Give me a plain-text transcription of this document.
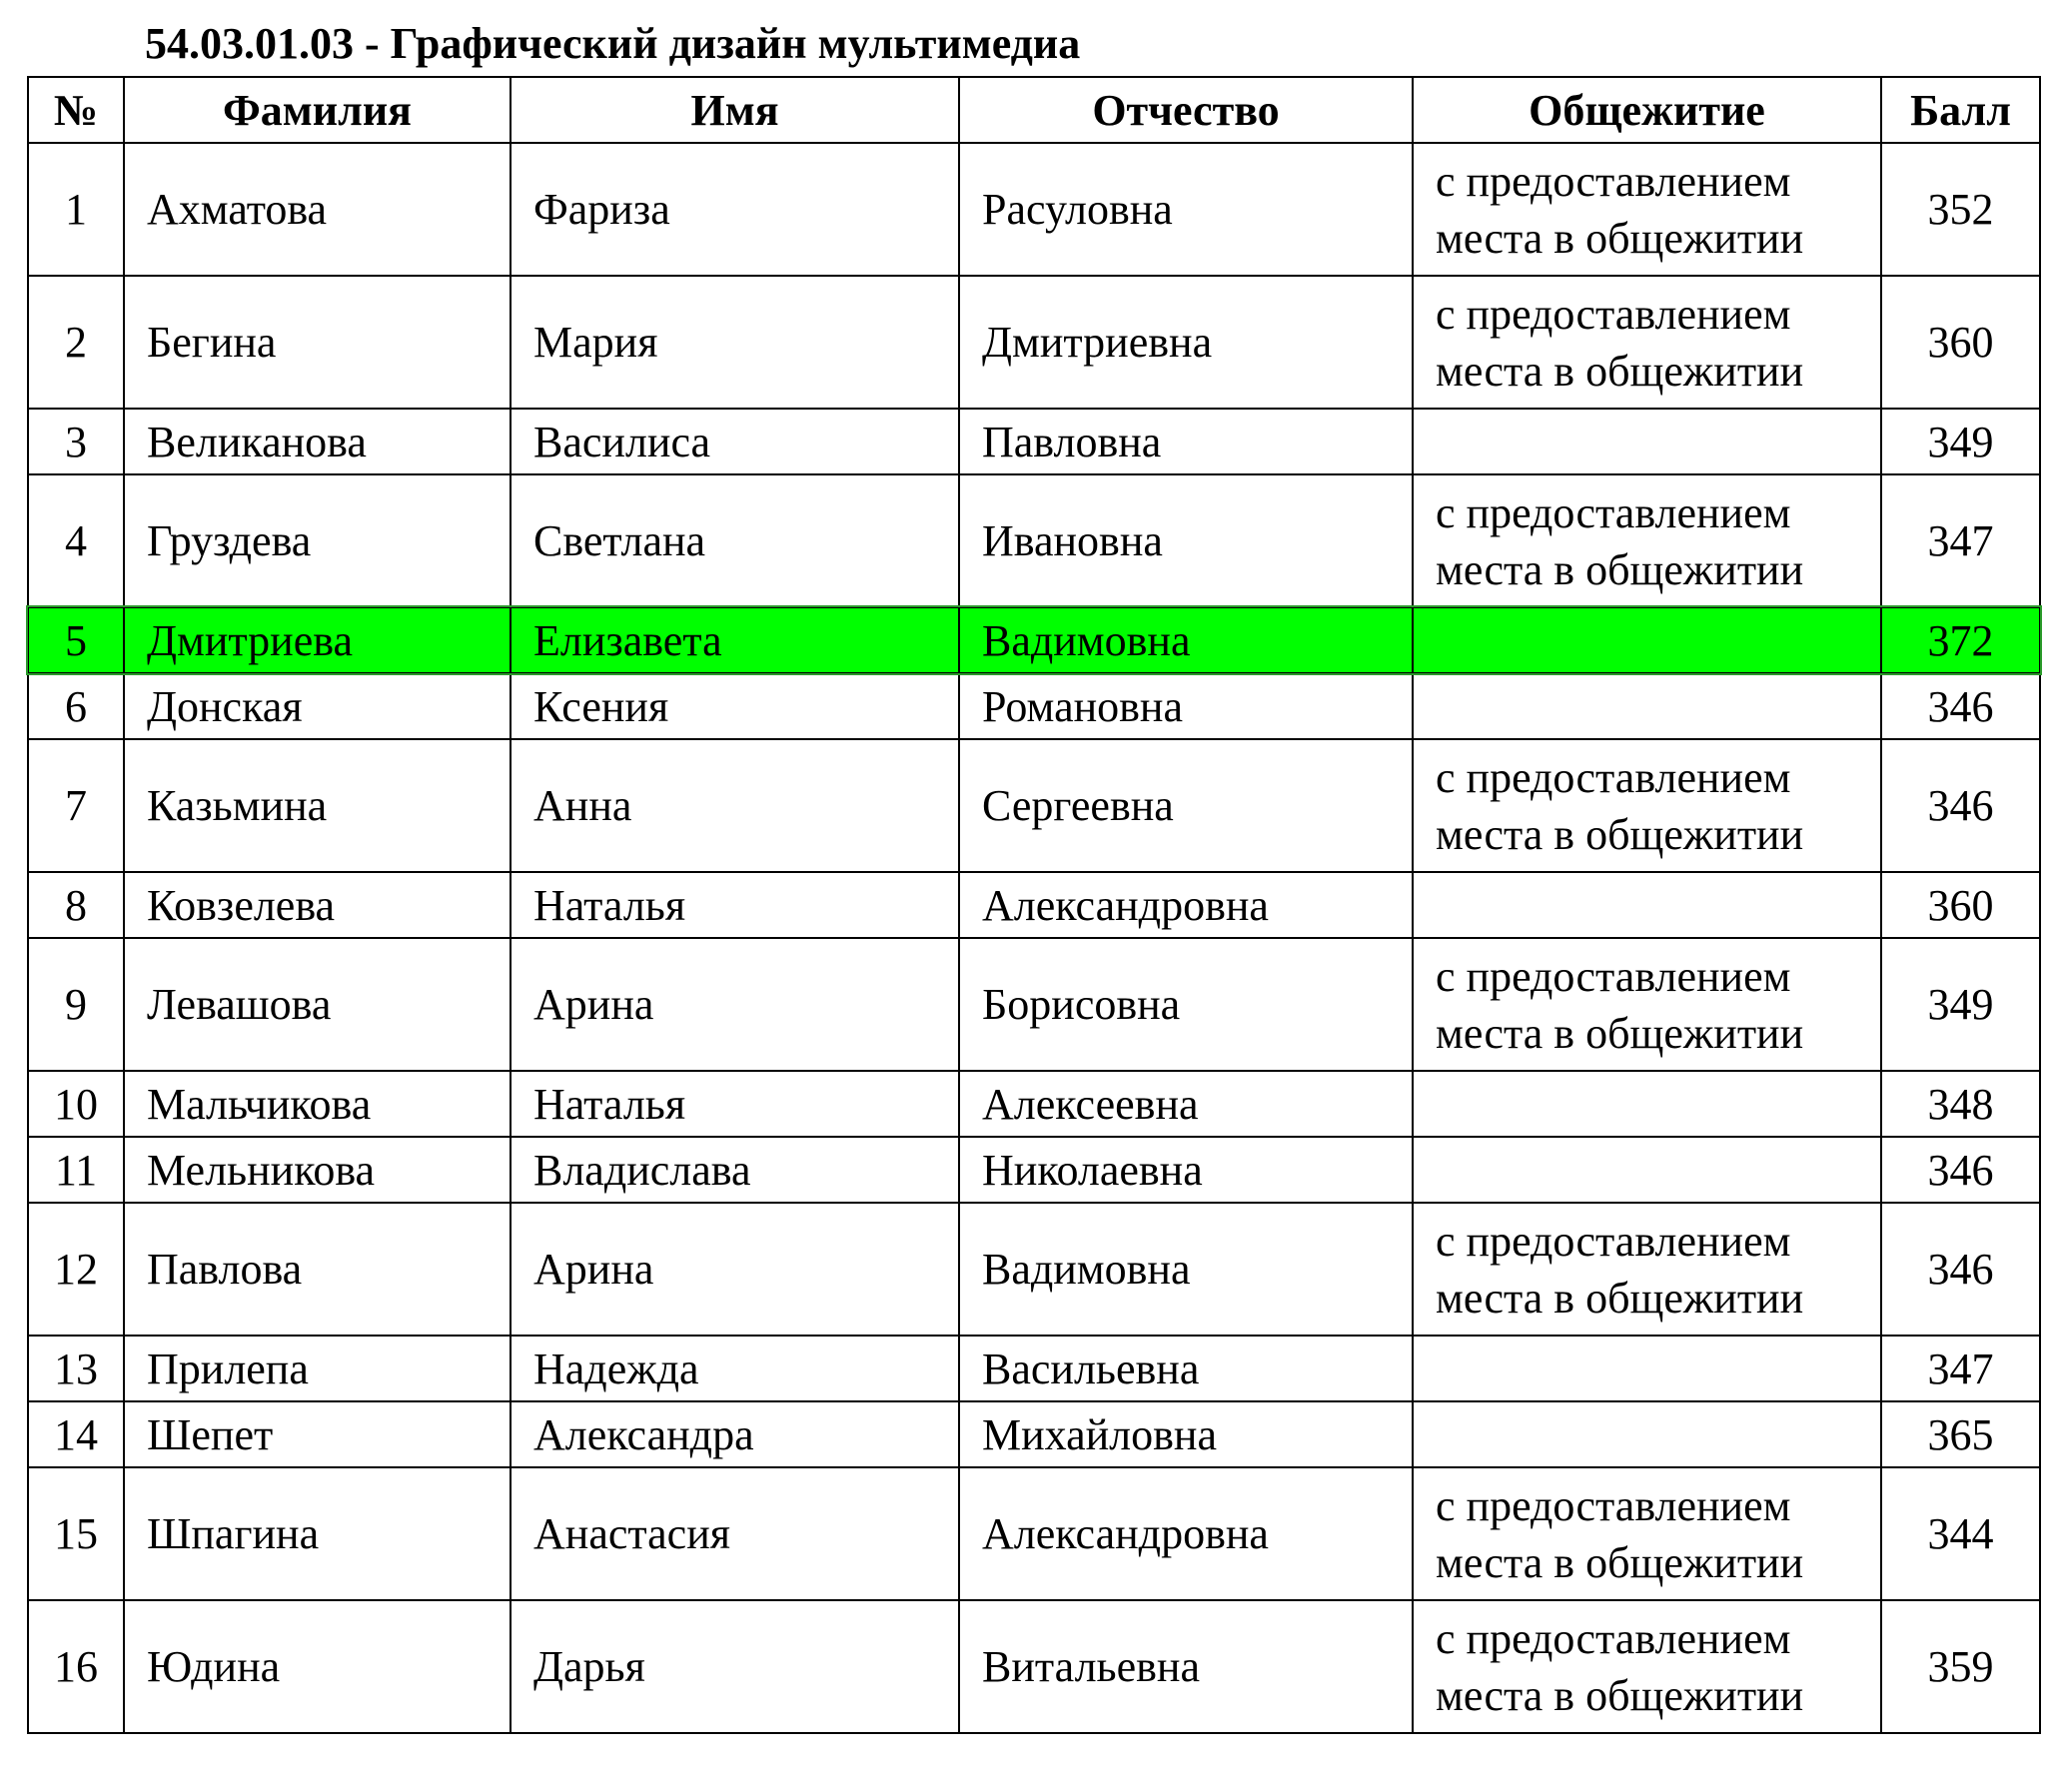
54.03.01.03 - Графический дизайн мультимедиа
№	Фамилия	Имя	Отчество	Общежитие	Балл
1	Ахматова	Фариза	Расуловна	с предоставлением
места в общежитии	352
2	Бегина	Мария	Дмитриевна	с предоставлением
места в общежитии	360
3	Великанова	Василиса	Павловна		349
4	Груздева	Светлана	Ивановна	с предоставлением
места в общежитии	347
5	Дмитриева	Елизавета	Вадимовна		372
6	Донская	Ксения	Романовна		346
7	Казьмина	Анна	Сергеевна	с предоставлением
места в общежитии	346
8	Ковзелева	Наталья	Александровна		360
9	Левашова	Арина	Борисовна	с предоставлением
места в общежитии	349
10	Мальчикова	Наталья	Алексеевна		348
11	Мельникова	Владислава	Николаевна		346
12	Павлова	Арина	Вадимовна	с предоставлением
места в общежитии	346
13	Прилепа	Надежда	Васильевна		347
14	Шепет	Александра	Михайловна		365
15	Шпагина	Анастасия	Александровна	с предоставлением
места в общежитии	344
16	Юдина	Дарья	Витальевна	с предоставлением
места в общежитии	359
